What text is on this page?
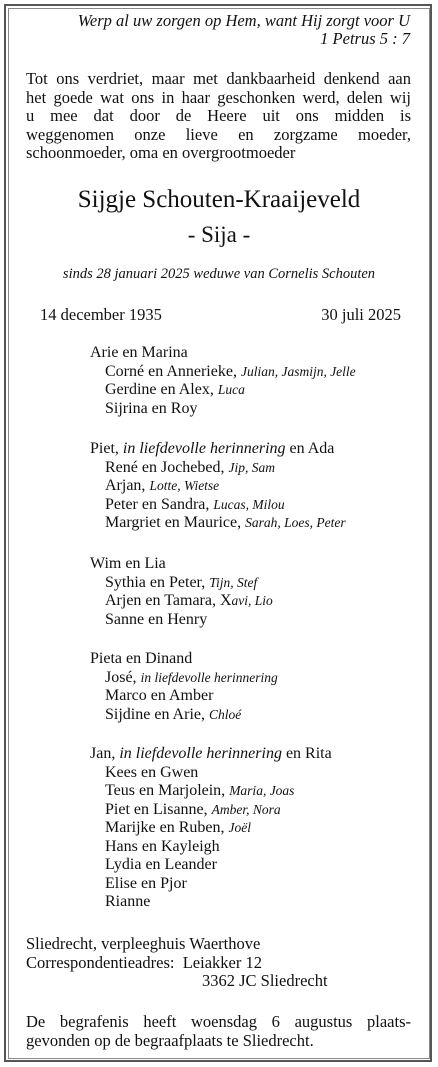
Werp al uw zorgen op Hem, want Hij zorgt voor U
1 Petrus 5 : 7
Tot ons verdriet, maar met dankbaarheid denkend aan
het goede wat ons in haar geschonken werd, delen wij
u mee dat door de Heere uit ons midden is
weggenomen onze lieve en zorgzame moeder,
schoonmoeder, oma en overgrootmoeder
Sijgje Schouten-Kraaijeveld
- Sija -
sinds 28 januari 2025 weduwe van Cornelis Schouten
14 december 1935	30 juli 2025
Arie en Marina
Corné en Annerieke, Julian, Jasmijn, Jelle
Gerdine en Alex, Luca
Sijrina en Roy
Piet, in liefdevolle herinnering en Ada
René en Jochebed, Jip, Sam
Arjan, Lotte, Wietse
Peter en Sandra, Lucas, Milou
Margriet en Maurice, Sarah, Loes, Peter
Wim en Lia
Sythia en Peter, Tijn, Stef
Arjen en Tamara, Xavi, Lio
Sanne en Henry
Pieta en Dinand
José, in liefdevolle herinnering
Marco en Amber
Sijdine en Arie, Chloé
Jan, in liefdevolle herinnering en Rita
Kees en Gwen
Teus en Marjolein, Maria, Joas
Piet en Lisanne, Amber, Nora
Marijke en Ruben, Joël
Hans en Kayleigh
Lydia en Leander
Elise en Pjor
Rianne
Sliedrecht, verpleeghuis Waerthove
Correspondentieadres: Leiakker 12
3362 JC Sliedrecht
De begrafenis heeft woensdag 6 augustus plaats-
gevonden op de begraafplaats te Sliedrecht.
